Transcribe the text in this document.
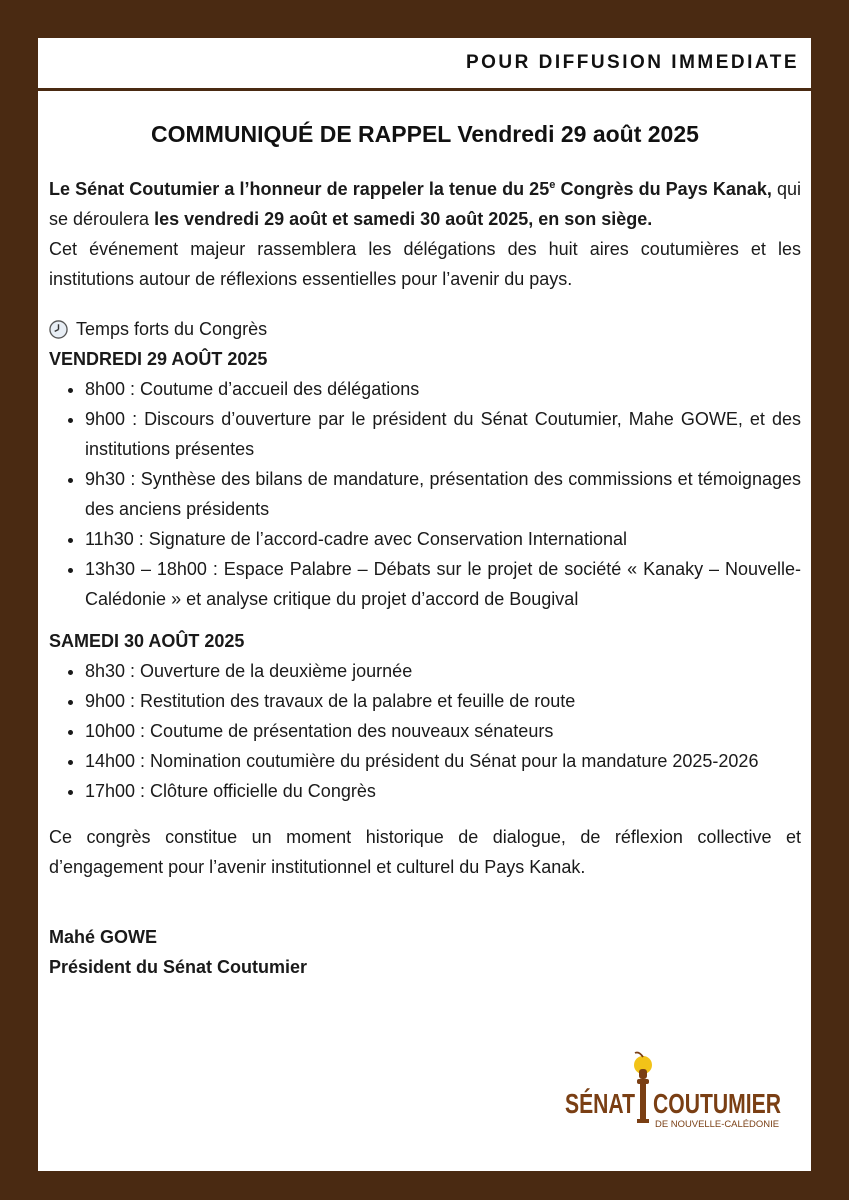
POUR DIFFUSION IMMEDIATE
COMMUNIQUÉ DE RAPPEL Vendredi 29 août 2025

Le Sénat Coutumier a l’honneur de rappeler la tenue du 25e Congrès du Pays Kanak, qui se déroulera les vendredi 29 août et samedi 30 août 2025, en son siège.

Cet événement majeur rassemblera les délégations des huit aires coutumières et les institutions autour de réflexions essentielles pour l’avenir du pays.

Temps forts du Congrès
VENDREDI 29 AOÛT 2025
• 8h00 : Coutume d’accueil des délégations
• 9h00 : Discours d’ouverture par le président du Sénat Coutumier, Mahe GOWE, et des institutions présentes
• 9h30 : Synthèse des bilans de mandature, présentation des commissions et témoignages des anciens présidents
• 11h30 : Signature de l’accord-cadre avec Conservation International
• 13h30 – 18h00 : Espace Palabre – Débats sur le projet de société « Kanaky – Nouvelle-Calédonie » et analyse critique du projet d’accord de Bougival
SAMEDI 30 AOÛT 2025
• 8h30 : Ouverture de la deuxième journée
• 9h00 : Restitution des travaux de la palabre et feuille de route
• 10h00 : Coutume de présentation des nouveaux sénateurs
• 14h00 : Nomination coutumière du président du Sénat pour la mandature 2025-2026
• 17h00 : Clôture officielle du Congrès

Ce congrès constitue un moment historique de dialogue, de réflexion collective et d’engagement pour l’avenir institutionnel et culturel du Pays Kanak.

Mahé GOWE
Président du Sénat Coutumier
SÉNAT COUTUMIER
DE NOUVELLE-CALÉDONIE
